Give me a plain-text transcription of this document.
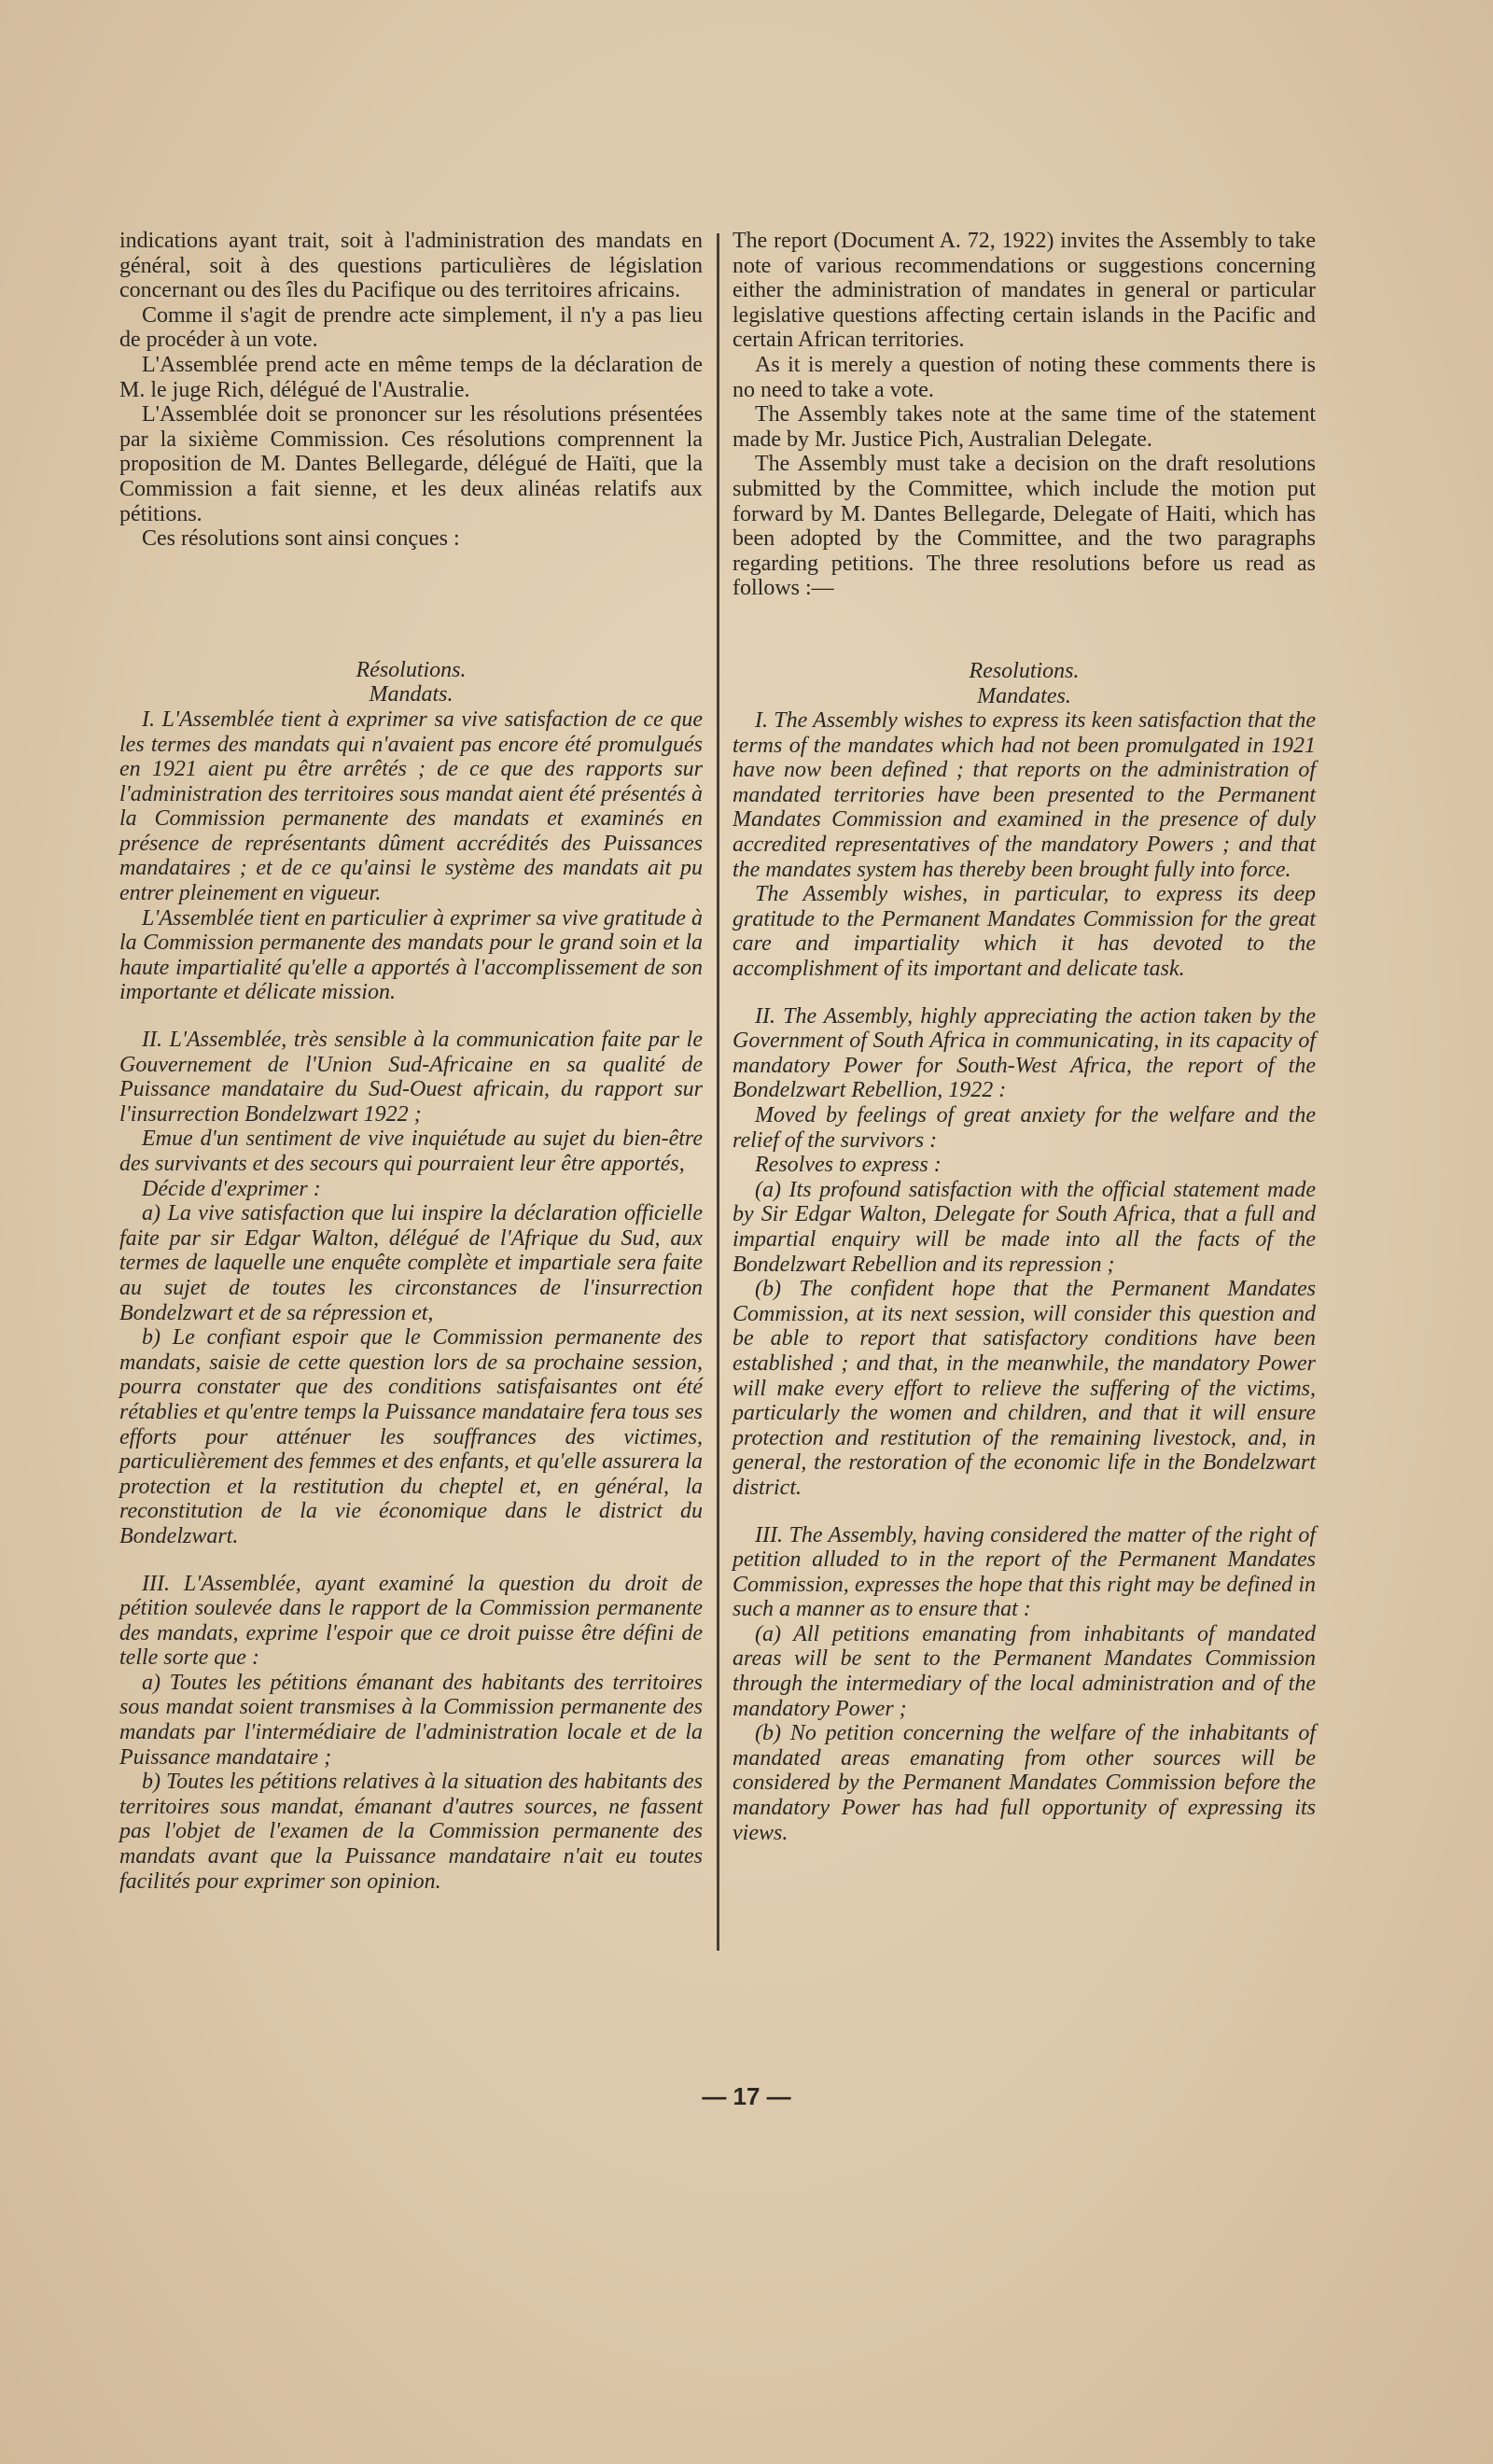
indications ayant trait, soit à l'administration des mandats en général, soit à des questions particulières de législation concernant ou des îles du Pacifique ou des territoires africains.

Comme il s'agit de prendre acte simplement, il n'y a pas lieu de procéder à un vote.

L'Assemblée prend acte en même temps de la déclaration de M. le juge Rich, délégué de l'Australie.

L'Assemblée doit se prononcer sur les résolutions présentées par la sixième Commission. Ces résolutions comprennent la proposition de M. Dantes Bellegarde, délégué de Haïti, que la Commission a fait sienne, et les deux alinéas relatifs aux pétitions.

Ces résolutions sont ainsi conçues :

Résolutions.

Mandats.

I. L'Assemblée tient à exprimer sa vive satisfaction de ce que les termes des mandats qui n'avaient pas encore été promulgués en 1921 aient pu être arrêtés ; de ce que des rapports sur l'administration des territoires sous mandat aient été présentés à la Commission permanente des mandats et examinés en présence de représentants dûment accrédités des Puissances mandataires ; et de ce qu'ainsi le système des mandats ait pu entrer pleinement en vigueur.

L'Assemblée tient en particulier à exprimer sa vive gratitude à la Commission permanente des mandats pour le grand soin et la haute impartialité qu'elle a apportés à l'accomplissement de son importante et délicate mission.

II. L'Assemblée, très sensible à la communication faite par le Gouvernement de l'Union Sud-Africaine en sa qualité de Puissance mandataire du Sud-Ouest africain, du rapport sur l'insurrection Bondelzwart 1922 ;

Emue d'un sentiment de vive inquiétude au sujet du bien-être des survivants et des secours qui pourraient leur être apportés,

Décide d'exprimer :

a) La vive satisfaction que lui inspire la déclaration officielle faite par sir Edgar Walton, délégué de l'Afrique du Sud, aux termes de laquelle une enquête complète et impartiale sera faite au sujet de toutes les circonstances de l'insurrection Bondelzwart et de sa répression et,

b) Le confiant espoir que le Commission permanente des mandats, saisie de cette question lors de sa prochaine session, pourra constater que des conditions satisfaisantes ont été rétablies et qu'entre temps la Puissance mandataire fera tous ses efforts pour atténuer les souffrances des victimes, particulièrement des femmes et des enfants, et qu'elle assurera la protection et la restitution du cheptel et, en général, la reconstitution de la vie économique dans le district du Bondelzwart.

III. L'Assemblée, ayant examiné la question du droit de pétition soulevée dans le rapport de la Commission permanente des mandats, exprime l'espoir que ce droit puisse être défini de telle sorte que :

a) Toutes les pétitions émanant des habitants des territoires sous mandat soient transmises à la Commission permanente des mandats par l'intermédiaire de l'administration locale et de la Puissance mandataire ;

b) Toutes les pétitions relatives à la situation des habitants des territoires sous mandat, émanant d'autres sources, ne fassent pas l'objet de l'examen de la Commission permanente des mandats avant que la Puissance mandataire n'ait eu toutes facilités pour exprimer son opinion.

The report (Document A. 72, 1922) invites the Assembly to take note of various recommendations or suggestions concerning either the administration of mandates in general or particular legislative questions affecting certain islands in the Pacific and certain African territories.

As it is merely a question of noting these comments there is no need to take a vote.

The Assembly takes note at the same time of the statement made by Mr. Justice Pich, Australian Delegate.

The Assembly must take a decision on the draft resolutions submitted by the Committee, which include the motion put forward by M. Dantes Bellegarde, Delegate of Haiti, which has been adopted by the Committee, and the two paragraphs regarding petitions. The three resolutions before us read as follows :—

Resolutions.

Mandates.

I. The Assembly wishes to express its keen satisfaction that the terms of the mandates which had not been promulgated in 1921 have now been defined ; that reports on the administration of mandated territories have been presented to the Permanent Mandates Commission and examined in the presence of duly accredited representatives of the mandatory Powers ; and that the mandates system has thereby been brought fully into force.

The Assembly wishes, in particular, to express its deep gratitude to the Permanent Mandates Commission for the great care and impartiality which it has devoted to the accomplishment of its important and delicate task.

II. The Assembly, highly appreciating the action taken by the Government of South Africa in communicating, in its capacity of mandatory Power for South-West Africa, the report of the Bondelzwart Rebellion, 1922 :

Moved by feelings of great anxiety for the welfare and the relief of the survivors :

Resolves to express :

(a) Its profound satisfaction with the official statement made by Sir Edgar Walton, Delegate for South Africa, that a full and impartial enquiry will be made into all the facts of the Bondelzwart Rebellion and its repression ;

(b) The confident hope that the Permanent Mandates Commission, at its next session, will consider this question and be able to report that satisfactory conditions have been established ; and that, in the meanwhile, the mandatory Power will make every effort to relieve the suffering of the victims, particularly the women and children, and that it will ensure protection and restitution of the remaining livestock, and, in general, the restoration of the economic life in the Bondelzwart district.

III. The Assembly, having considered the matter of the right of petition alluded to in the report of the Permanent Mandates Commission, expresses the hope that this right may be defined in such a manner as to ensure that :

(a) All petitions emanating from inhabitants of mandated areas will be sent to the Permanent Mandates Commission through the intermediary of the local administration and of the mandatory Power ;

(b) No petition concerning the welfare of the inhabitants of mandated areas emanating from other sources will be considered by the Permanent Mandates Commission before the mandatory Power has had full opportunity of expressing its views.

— 17 —
